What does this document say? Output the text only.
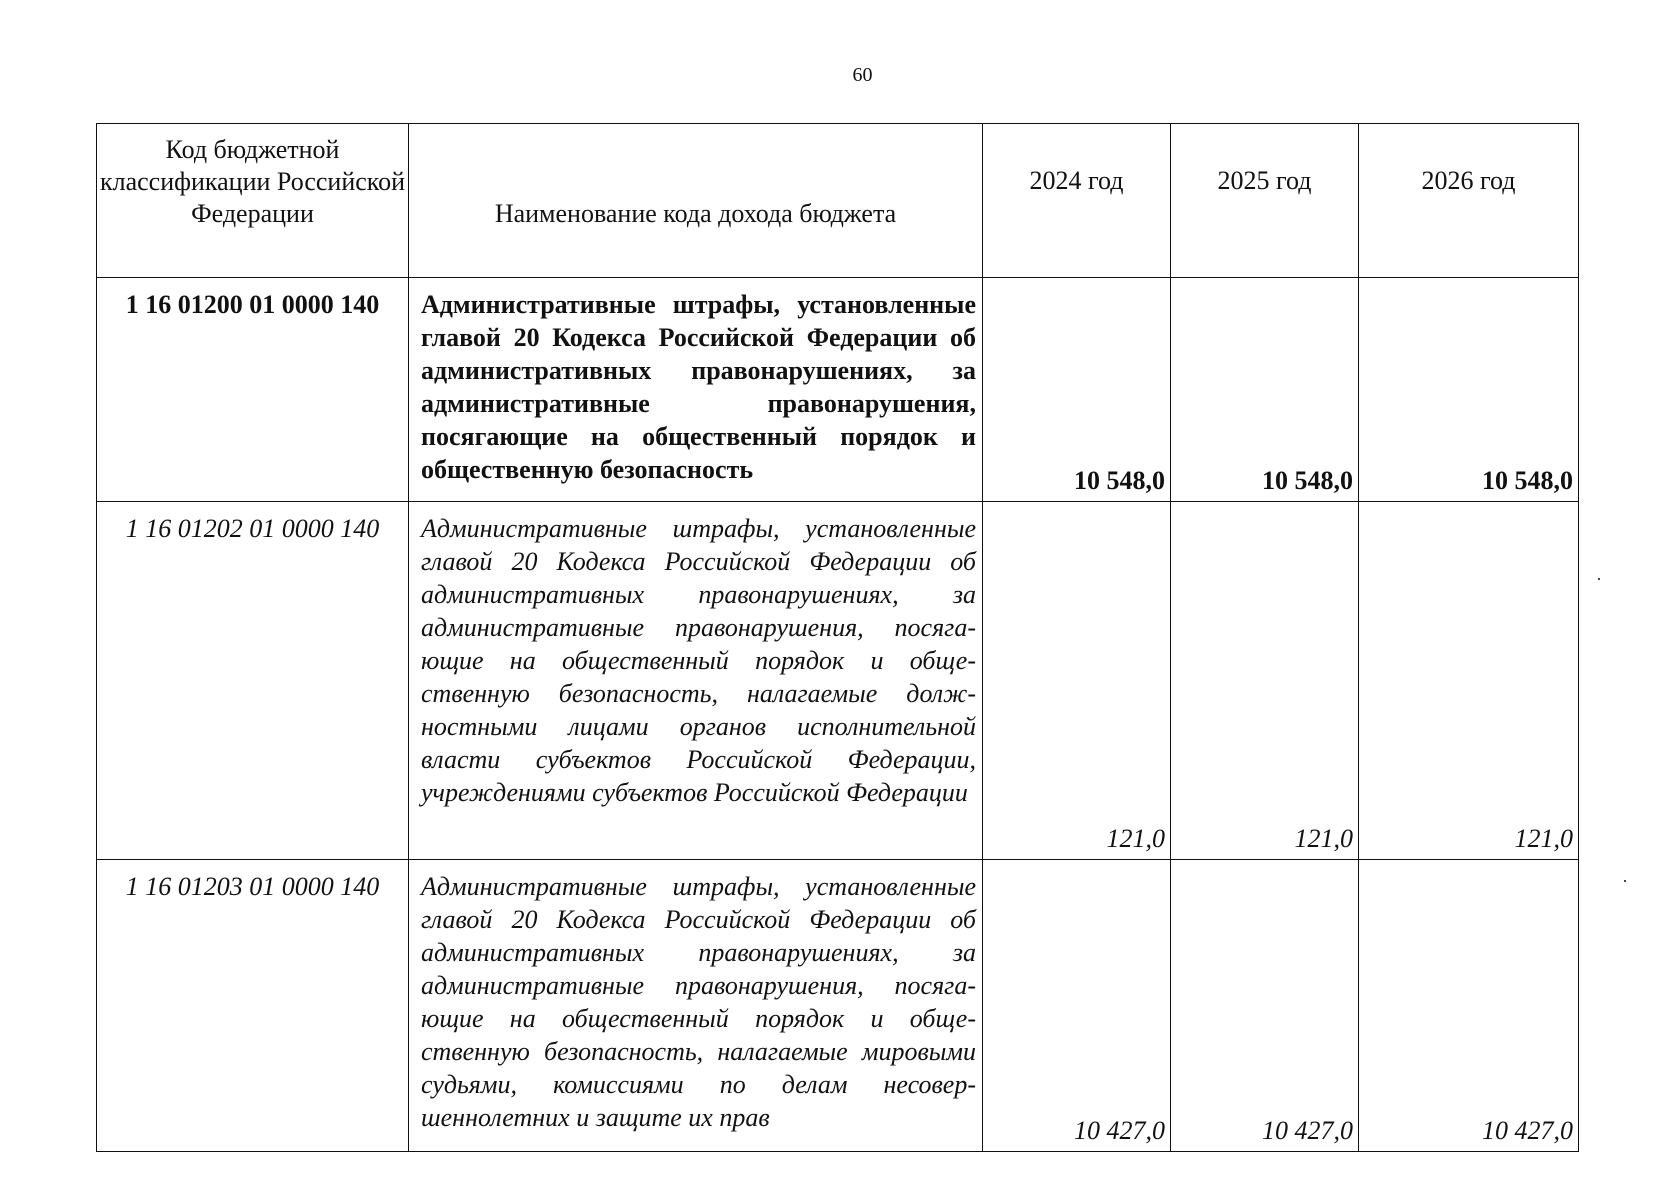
60
Код бюджетной классификации Российской Федерации	Наименование кода дохода бюджета	2024 год	2025 год	2026 год
1 16 01200 01 0000 140	Административные штрафы, установленные главой 20 Кодекса Российской Федерации об административных правонарушениях, за административные правонарушения, посягающие на общественный порядок и общественную безопасность	10 548,0	10 548,0	10 548,0
1 16 01202 01 0000 140	Административные штрафы, установленные главой 20 Кодекса Российской Федерации об административных правонарушениях, за административные правонарушения, посягающие на общественный порядок и общественную безопасность, налагаемые должностными лицами органов исполнительной власти субъектов Российской Федерации, учреждениями субъектов Российской Федерации	121,0	121,0	121,0
1 16 01203 01 0000 140	Административные штрафы, установленные главой 20 Кодекса Российской Федерации об административных правонарушениях, за административные правонарушения, посягающие на общественный порядок и общественную безопасность, налагаемые мировыми судьями, комиссиями по делам несовершеннолетних и защите их прав	10 427,0	10 427,0	10 427,0
